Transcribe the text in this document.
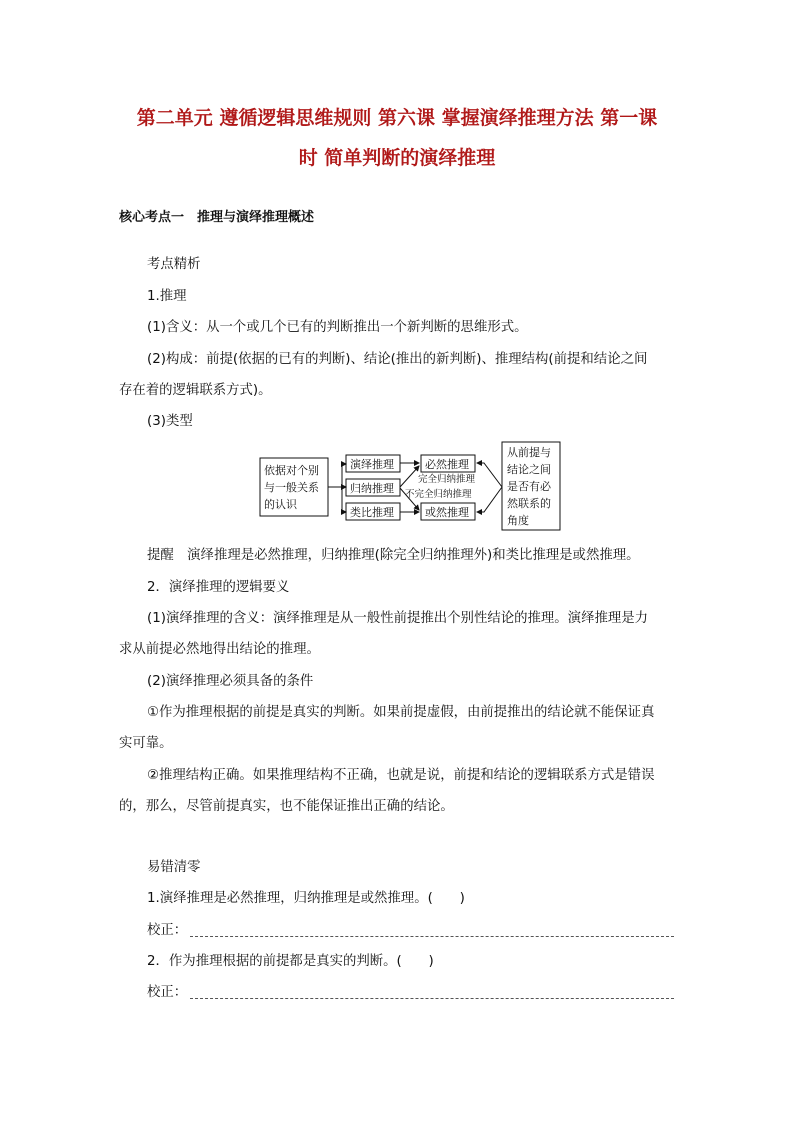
第二单元 遵循逻辑思维规则 第六课 掌握演绎推理方法 第一课
时 简单判断的演绎推理
核心考点一　推理与演绎推理概述
考点精析
1.推理
(1)含义：从一个或几个已有的判断推出一个新判断的思维形式。
(2)构成：前提(依据的已有的判断)、结论(推出的新判断)、推理结构(前提和结论之间
存在着的逻辑联系方式)。
(3)类型
依据对个别
与一般关系
的认识
演绎推理
归纳推理
类比推理
完全归纳推理
不完全归纳推理
必然推理
或然推理
从前提与
结论之间
是否有必
然联系的
角度
提醒　演绎推理是必然推理，归纳推理(除完全归纳推理外)和类比推理是或然推理。
2．演绎推理的逻辑要义
(1)演绎推理的含义：演绎推理是从一般性前提推出个别性结论的推理。演绎推理是力
求从前提必然地得出结论的推理。
(2)演绎推理必须具备的条件
①作为推理根据的前提是真实的判断。如果前提虚假，由前提推出的结论就不能保证真
实可靠。
②推理结构正确。如果推理结构不正确，也就是说，前提和结论的逻辑联系方式是错误
的，那么，尽管前提真实，也不能保证推出正确的结论。
易错清零
1.演绎推理是必然推理，归纳推理是或然推理。(　　)
校正：
2．作为推理根据的前提都是真实的判断。(　　)
校正：
